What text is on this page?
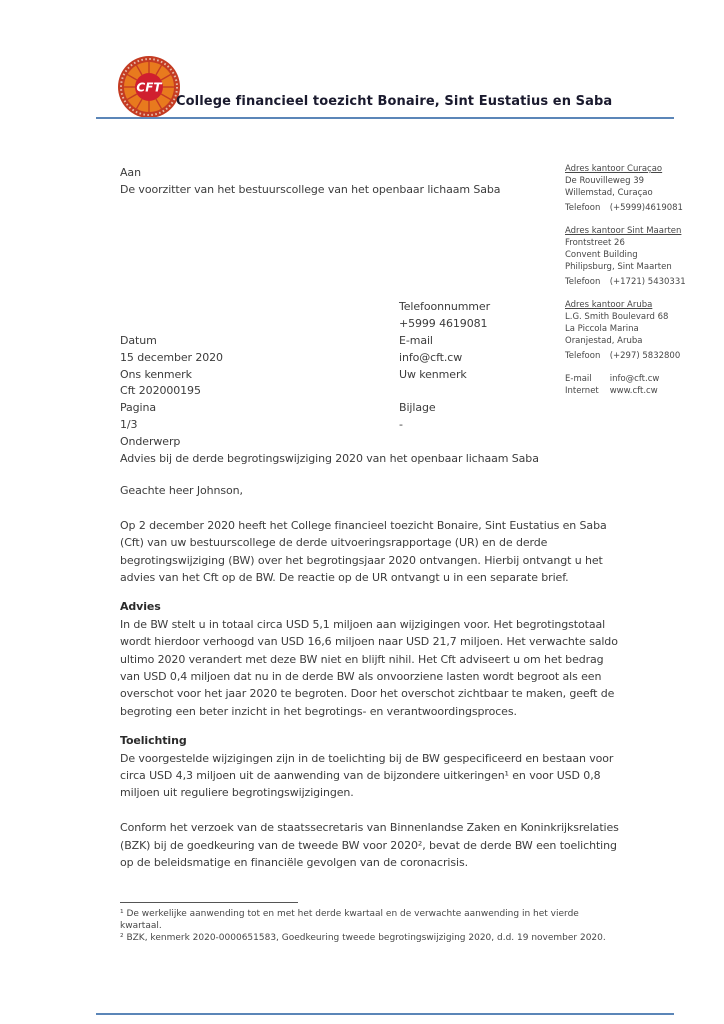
CFT
College financieel toezicht Bonaire, Sint Eustatius en Saba
Aan
De voorzitter van het bestuurscollege van het openbaar lichaam Saba
Adres kantoor Curaçao
De Rouvilleweg 39
Willemstad, Curaçao
Telefoon (+5999)4619081
Adres kantoor Sint Maarten
Frontstreet 26
Convent Building
Philipsburg, Sint Maarten
Telefoon (+1721) 5430331
Adres kantoor Aruba
L.G. Smith Boulevard 68
La Piccola Marina
Oranjestad, Aruba
Telefoon (+297) 5832800
E-mail info@cft.cw
Internet www.cft.cw
Telefoonnummer
+5999 4619081
Datum	E-mail
15 december 2020	info@cft.cw
Ons kenmerk	Uw kenmerk
Cft 202000195
Pagina	Bijlage
1/3	-
Onderwerp
Advies bij de derde begrotingswijziging 2020 van het openbaar lichaam Saba

Geachte heer Johnson,

Op 2 december 2020 heeft het College financieel toezicht Bonaire, Sint Eustatius en Saba (Cft) van uw bestuurscollege de derde uitvoeringsrapportage (UR) en de derde begrotingswijziging (BW) over het begrotingsjaar 2020 ontvangen. Hierbij ontvangt u het advies van het Cft op de BW. De reactie op de UR ontvangt u in een separate brief.

Advies

In de BW stelt u in totaal circa USD 5,1 miljoen aan wijzigingen voor. Het begrotingstotaal wordt hierdoor verhoogd van USD 16,6 miljoen naar USD 21,7 miljoen. Het verwachte saldo ultimo 2020 verandert met deze BW niet en blijft nihil. Het Cft adviseert u om het bedrag van USD 0,4 miljoen dat nu in de derde BW als onvoorziene lasten wordt begroot als een overschot voor het jaar 2020 te begroten. Door het overschot zichtbaar te maken, geeft de begroting een beter inzicht in het begrotings- en verantwoordingsproces.

Toelichting

De voorgestelde wijzigingen zijn in de toelichting bij de BW gespecificeerd en bestaan voor circa USD 4,3 miljoen uit de aanwending van de bijzondere uitkeringen¹ en voor USD 0,8 miljoen uit reguliere begrotingswijzigingen.

Conform het verzoek van de staatssecretaris van Binnenlandse Zaken en Koninkrijksrelaties (BZK) bij de goedkeuring van de tweede BW voor 2020², bevat de derde BW een toelichting op de beleidsmatige en financiële gevolgen van de coronacrisis.

¹ De werkelijke aanwending tot en met het derde kwartaal en de verwachte aanwending in het vierde kwartaal.

² BZK, kenmerk 2020-0000651583, Goedkeuring tweede begrotingswijziging 2020, d.d. 19 november 2020.
